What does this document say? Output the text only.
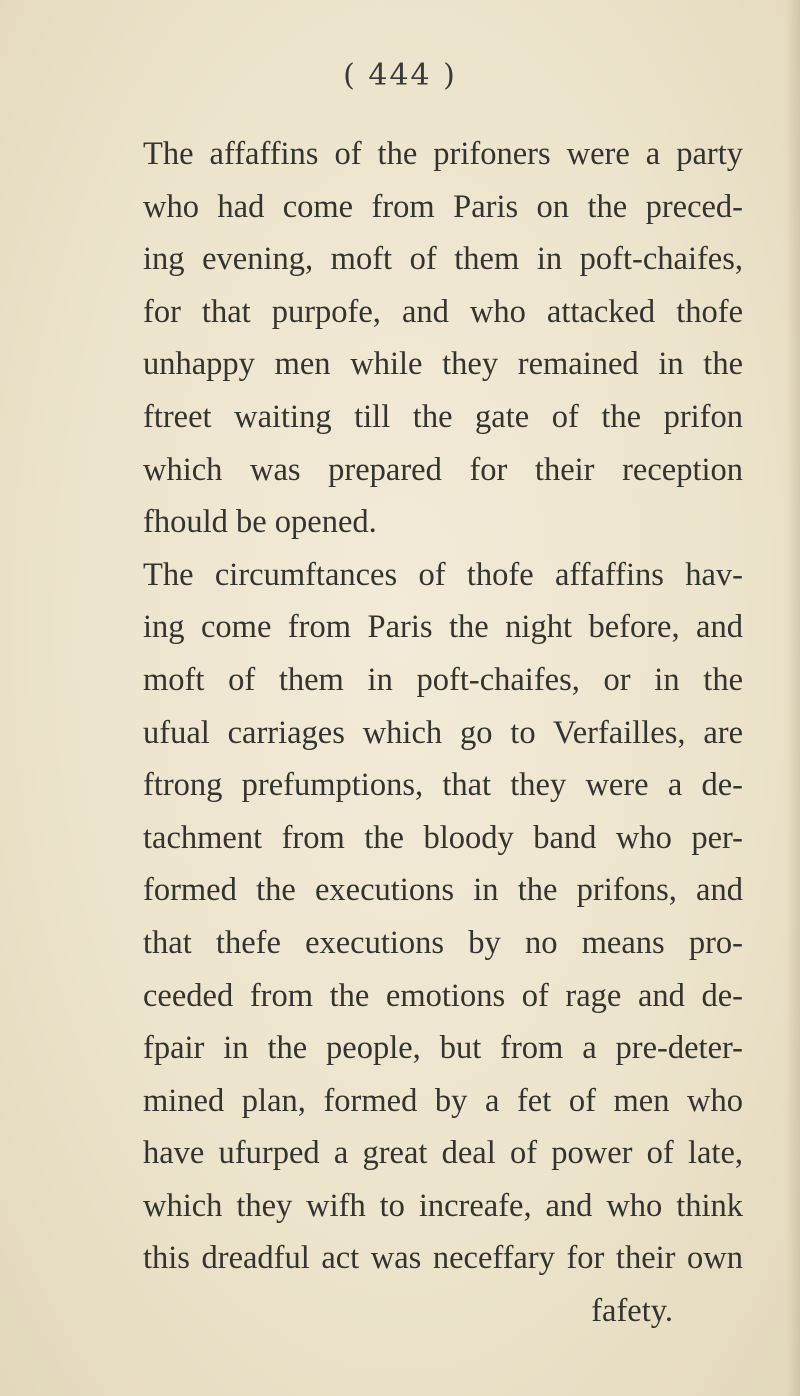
( 444 )
The affaffins of the prifoners were a party
who had come from Paris on the preced-
ing evening, moft of them in poft-chaifes,
for that purpofe, and who attacked thofe
unhappy men while they remained in the
ftreet waiting till the gate of the prifon
which was prepared for their reception
fhould be opened.
The circumftances of thofe affaffins hav-
ing come from Paris the night before, and
moft of them in poft-chaifes, or in the
ufual carriages which go to Verfailles, are
ftrong prefumptions, that they were a de-
tachment from the bloody band who per-
formed the executions in the prifons, and
that thefe executions by no means pro-
ceeded from the emotions of rage and de-
fpair in the people, but from a pre-deter-
mined plan, formed by a fet of men who
have ufurped a great deal of power of late,
which they wifh to increafe, and who think
this dreadful act was neceffary for their own
fafety.
